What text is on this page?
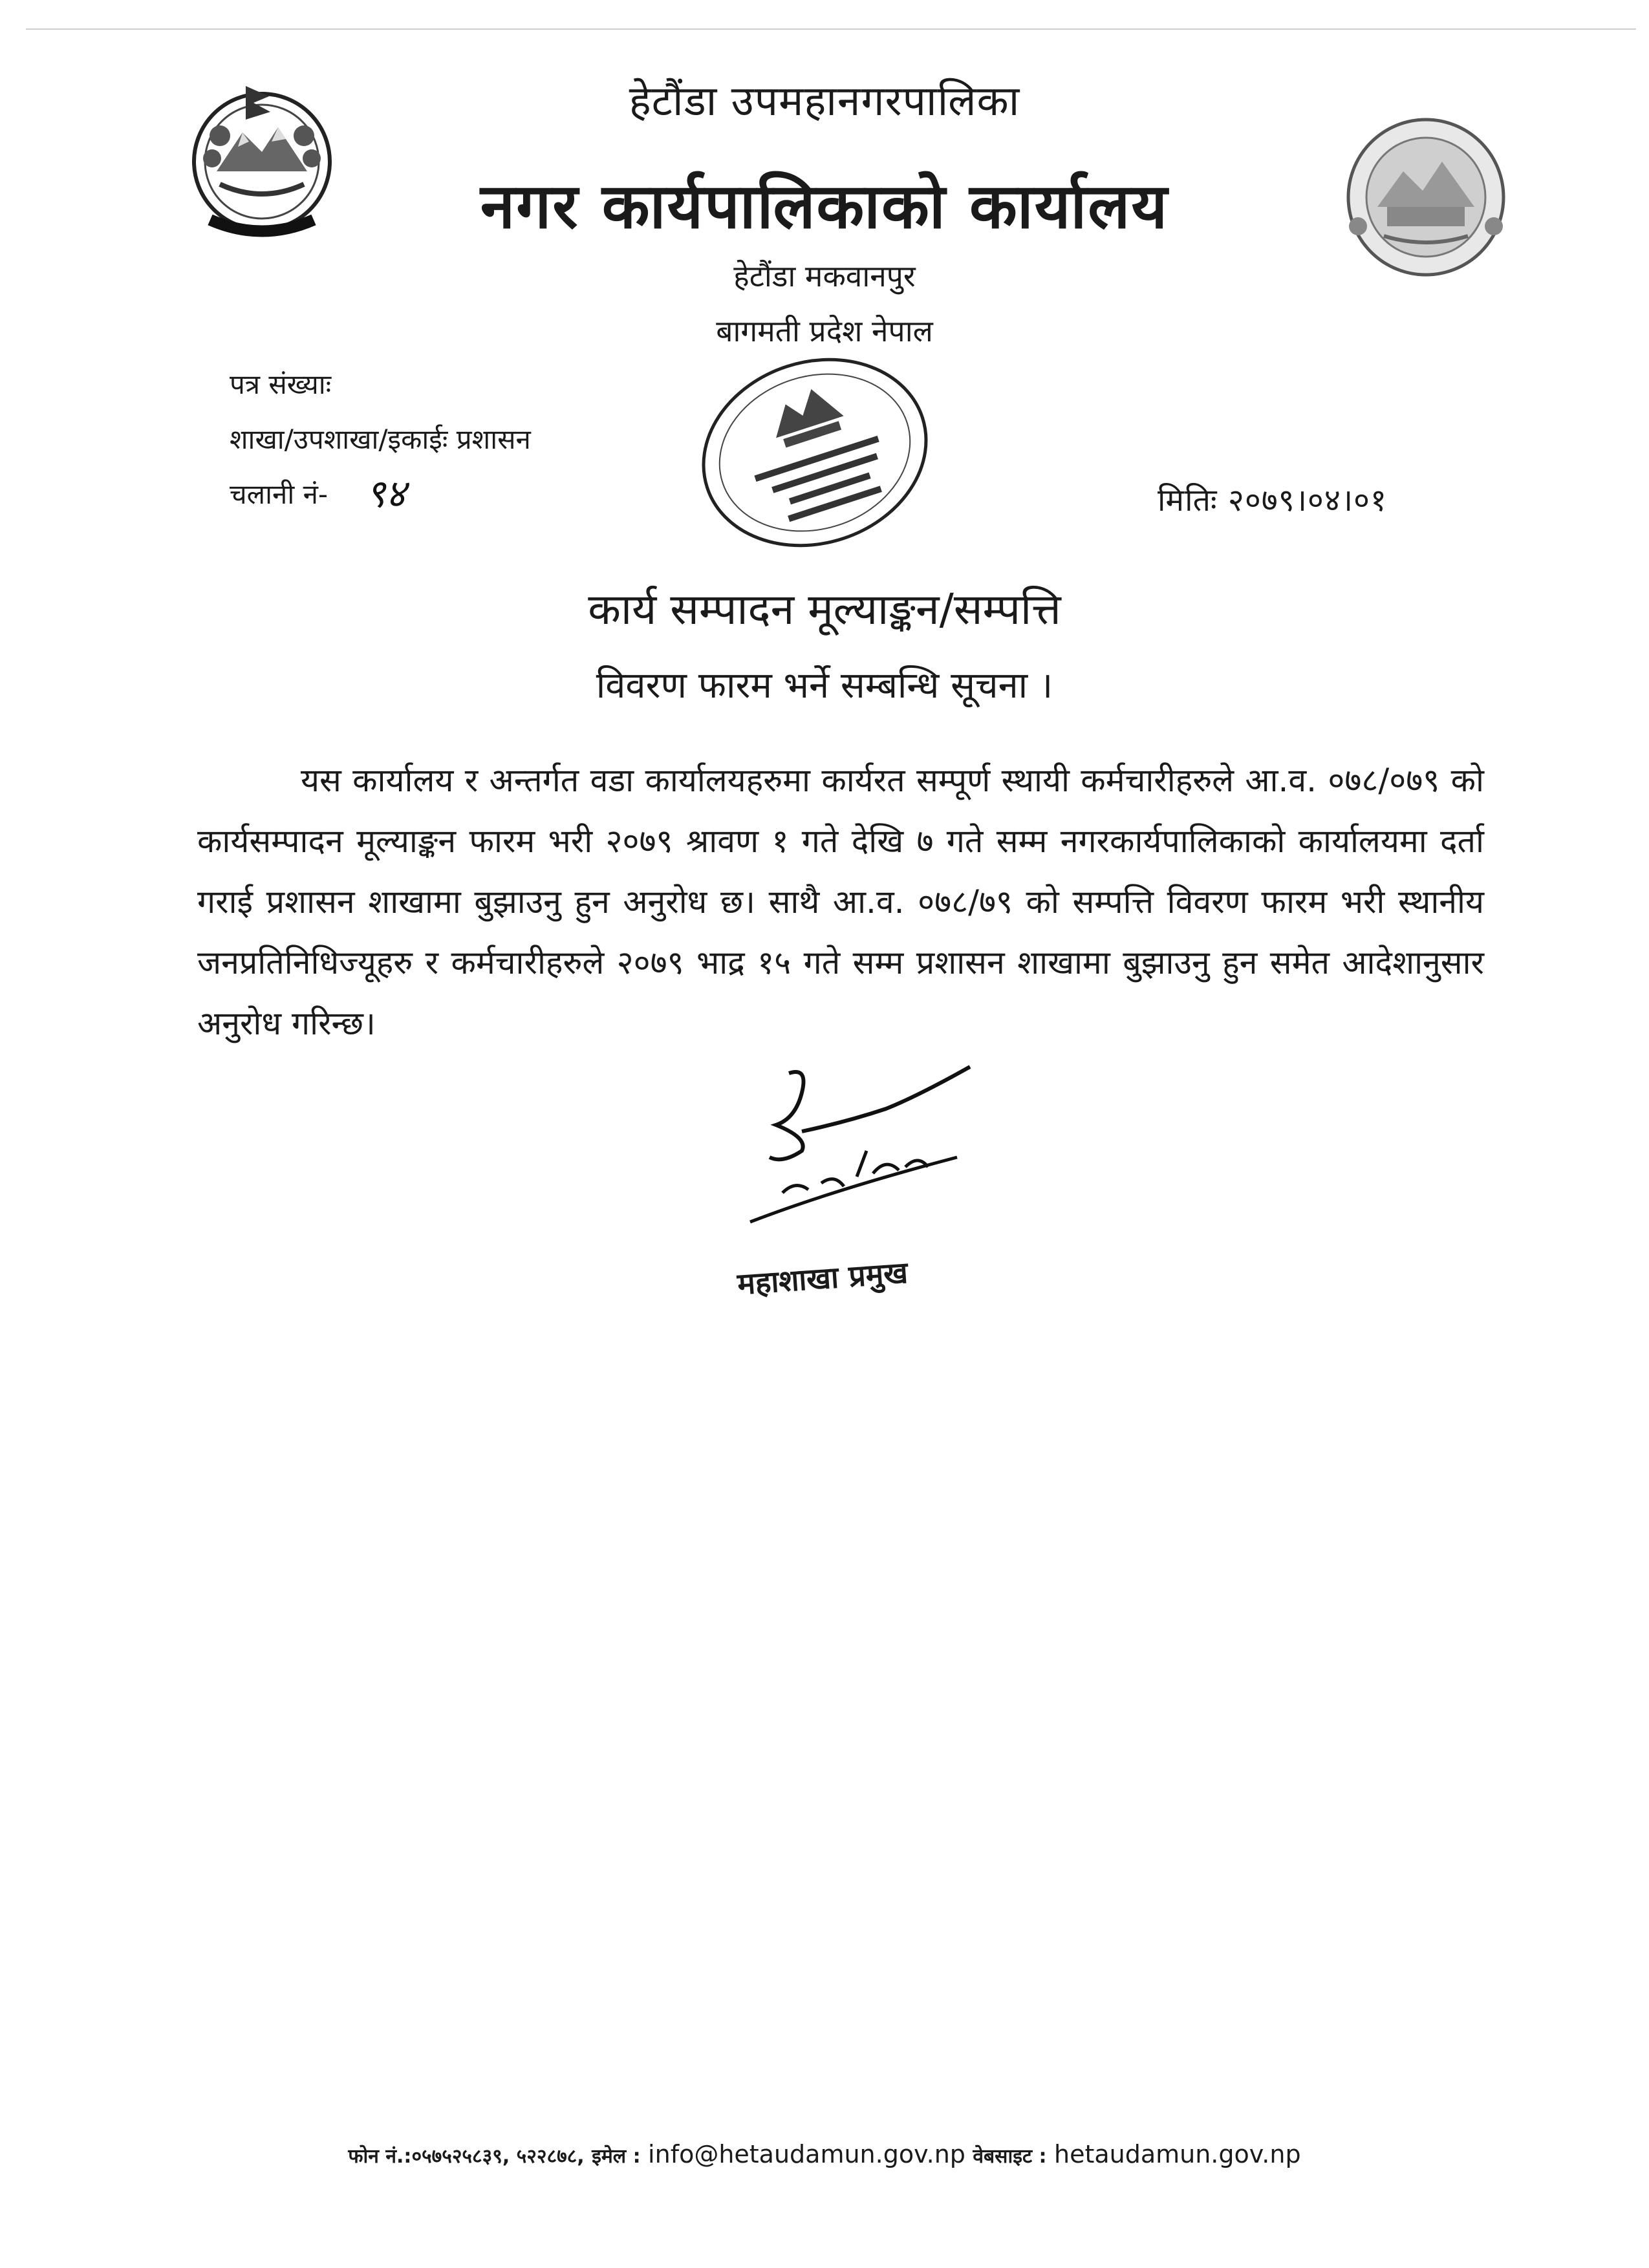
हेटौंडा उपमहानगरपालिका
नगर कार्यपालिकाको कार्यालय
हेटौंडा मकवानपुर
बागमती प्रदेश नेपाल
पत्र संख्याः
शाखा/उपशाखा/इकाईः प्रशासन
चलानी नं- ९४	मितिः २०७९।०४।०१
कार्य सम्पादन मूल्याङ्कन/सम्पत्ति
विवरण फारम भर्ने सम्बन्धि सूचना ।
यस कार्यालय र अन्तर्गत वडा कार्यालयहरुमा कार्यरत सम्पूर्ण स्थायी कर्मचारीहरुले आ.व. ०७८/०७९ को कार्यसम्पादन मूल्याङ्कन फारम भरी २०७९ श्रावण १ गते देखि ७ गते सम्म नगरकार्यपालिकाको कार्यालयमा दर्ता गराई प्रशासन शाखामा बुझाउनु हुन अनुरोध छ। साथै आ.व. ०७८/७९ को सम्पत्ति विवरण फारम भरी स्थानीय जनप्रतिनिधिज्यूहरु र कर्मचारीहरुले २०७९ भाद्र १५ गते सम्म प्रशासन शाखामा बुझाउनु हुन समेत आदेशानुसार अनुरोध गरिन्छ।
महाशाखा प्रमुख
फोन नं.:०५७५२५८३९, ५२२८७८, इमेल : info@hetaudamun.gov.np वेबसाइट : hetaudamun.gov.np
